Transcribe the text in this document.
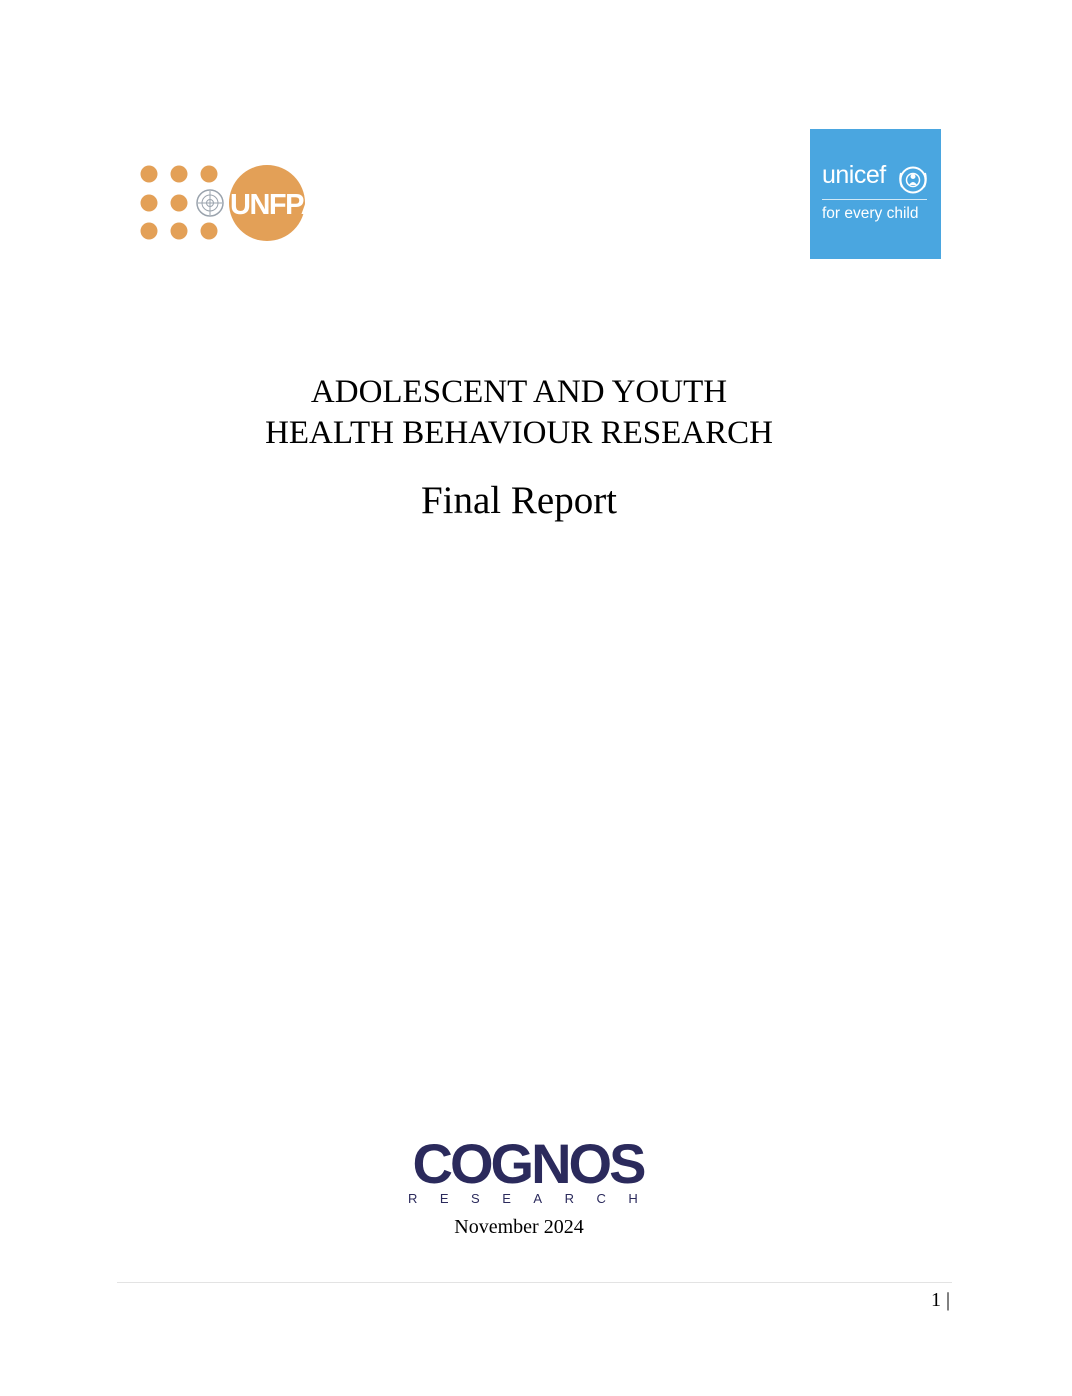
UNFPA
unicef
for every child
ADOLESCENT AND YOUTH
HEALTH BEHAVIOUR RESEARCH
Final Report
COGNOS
RESEARCH
November 2024
1 |
